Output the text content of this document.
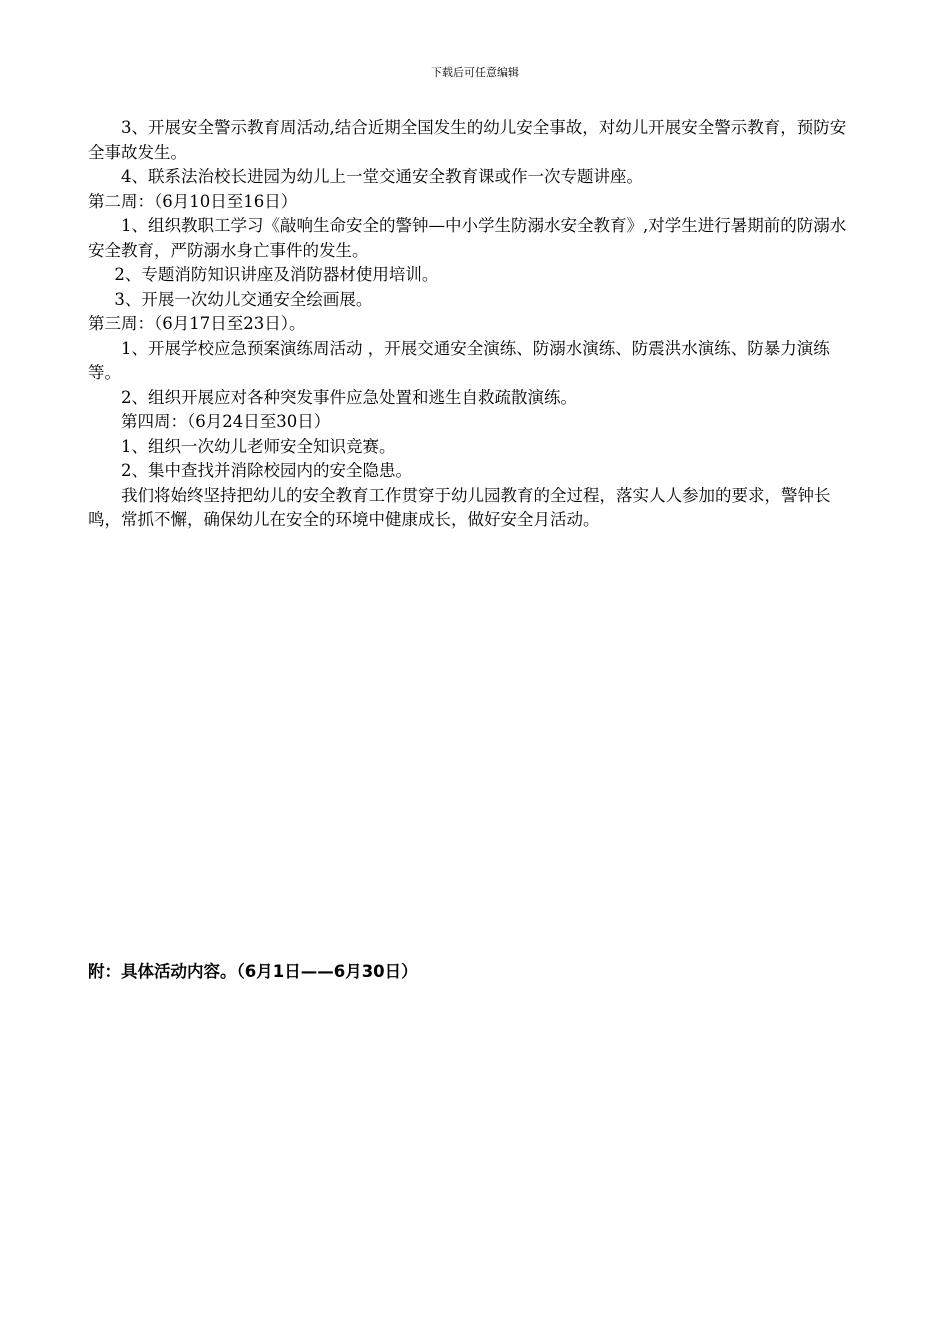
下载后可任意编辑

3、开展安全警示教育周活动,结合近期全国发生的幼儿安全事故，对幼儿开展安全警示教育，预防安全事故发生。

4、联系法治校长进园为幼儿上一堂交通安全教育课或作一次专题讲座。

第二周：（6月10日至16日）

1、组织教职工学习《敲响生命安全的警钟—中小学生防溺水安全教育》,对学生进行暑期前的防溺水安全教育，严防溺水身亡事件的发生。

2、专题消防知识讲座及消防器材使用培训。

3、开展一次幼儿交通安全绘画展。

第三周：（6月17日至23日）。

1、开展学校应急预案演练周活动 ，开展交通安全演练、防溺水演练、防震洪水演练、防暴力演练等。

2、组织开展应对各种突发事件应急处置和逃生自救疏散演练。

第四周：（6月24日至30日）

1、组织一次幼儿老师安全知识竞赛。

2、集中查找并消除校园内的安全隐患。

我们将始终坚持把幼儿的安全教育工作贯穿于幼儿园教育的全过程，落实人人参加的要求，警钟长鸣，常抓不懈，确保幼儿在安全的环境中健康成长，做好安全月活动。

附：具体活动内容。（6月1日——6月30日）
